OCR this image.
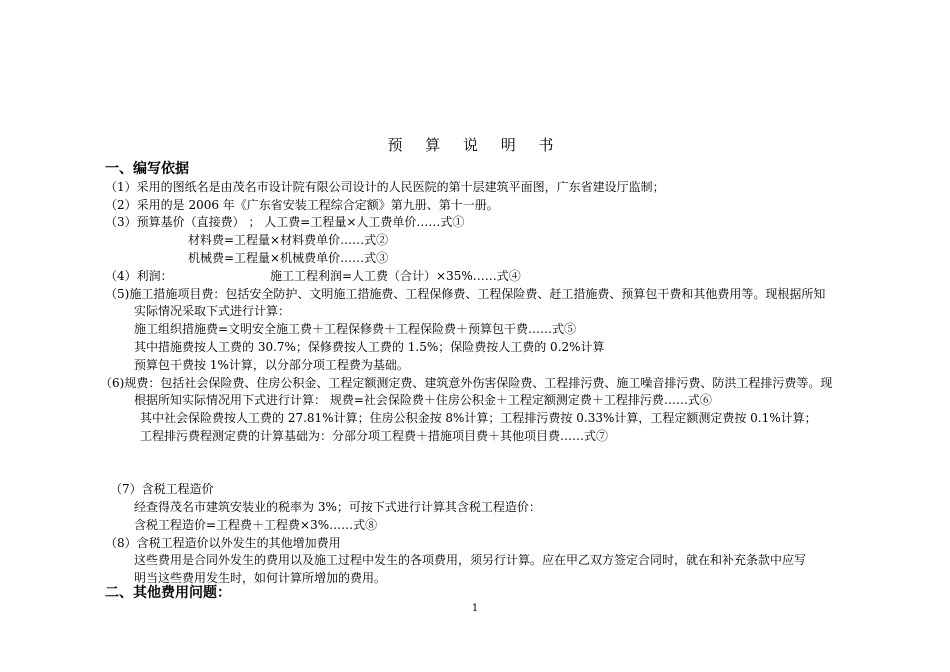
预 算 说 明 书
一、编写依据
（1）采用的图纸名是由茂名市设计院有限公司设计的人民医院的第十层建筑平面图，广东省建设厅监制；
（2）采用的是 2006 年《广东省安装工程综合定额》第九册、第十一册。
（3）预算基价（直接费） ； 人工费=工程量×人工费单价……式①
材料费=工程量×材料费单价……式②
机械费=工程量×机械费单价……式③
（4）利润：	施工工程利润=人工费（合计）×35%……式④
（5)施工措施项目费：包括安全防护、文明施工措施费、工程保修费、工程保险费、赶工措施费、预算包干费和其他费用等。现根据所知
实际情况采取下式进行计算：
施工组织措施费=文明安全施工费＋工程保修费＋工程保险费＋预算包干费……式⑤
其中措施费按人工费的 30.7%；保修费按人工费的 1.5%；保险费按人工费的 0.2%计算
预算包干费按 1%计算，以分部分项工程费为基础。
（6)规费：包括社会保险费、住房公积金、工程定额测定费、建筑意外伤害保险费、工程排污费、施工噪音排污费、防洪工程排污费等。现
根据所知实际情况用下式进行计算： 规费=社会保险费＋住房公积金＋工程定额测定费＋工程排污费……式⑥
其中社会保险费按人工费的 27.81%计算；住房公积金按 8%计算；工程排污费按 0.33%计算，工程定额测定费按 0.1%计算；
工程排污费程测定费的计算基础为：分部分项工程费＋措施项目费＋其他项目费……式⑦
（7）含税工程造价
经查得茂名市建筑安装业的税率为 3%；可按下式进行计算其含税工程造价：
含税工程造价=工程费＋工程费×3%……式⑧
（8）含税工程造价以外发生的其他增加费用
这些费用是合同外发生的费用以及施工过程中发生的各项费用，须另行计算。应在甲乙双方签定合同时，就在和补充条款中应写
明当这些费用发生时，如何计算所增加的费用。
二、其他费用问题：
1
